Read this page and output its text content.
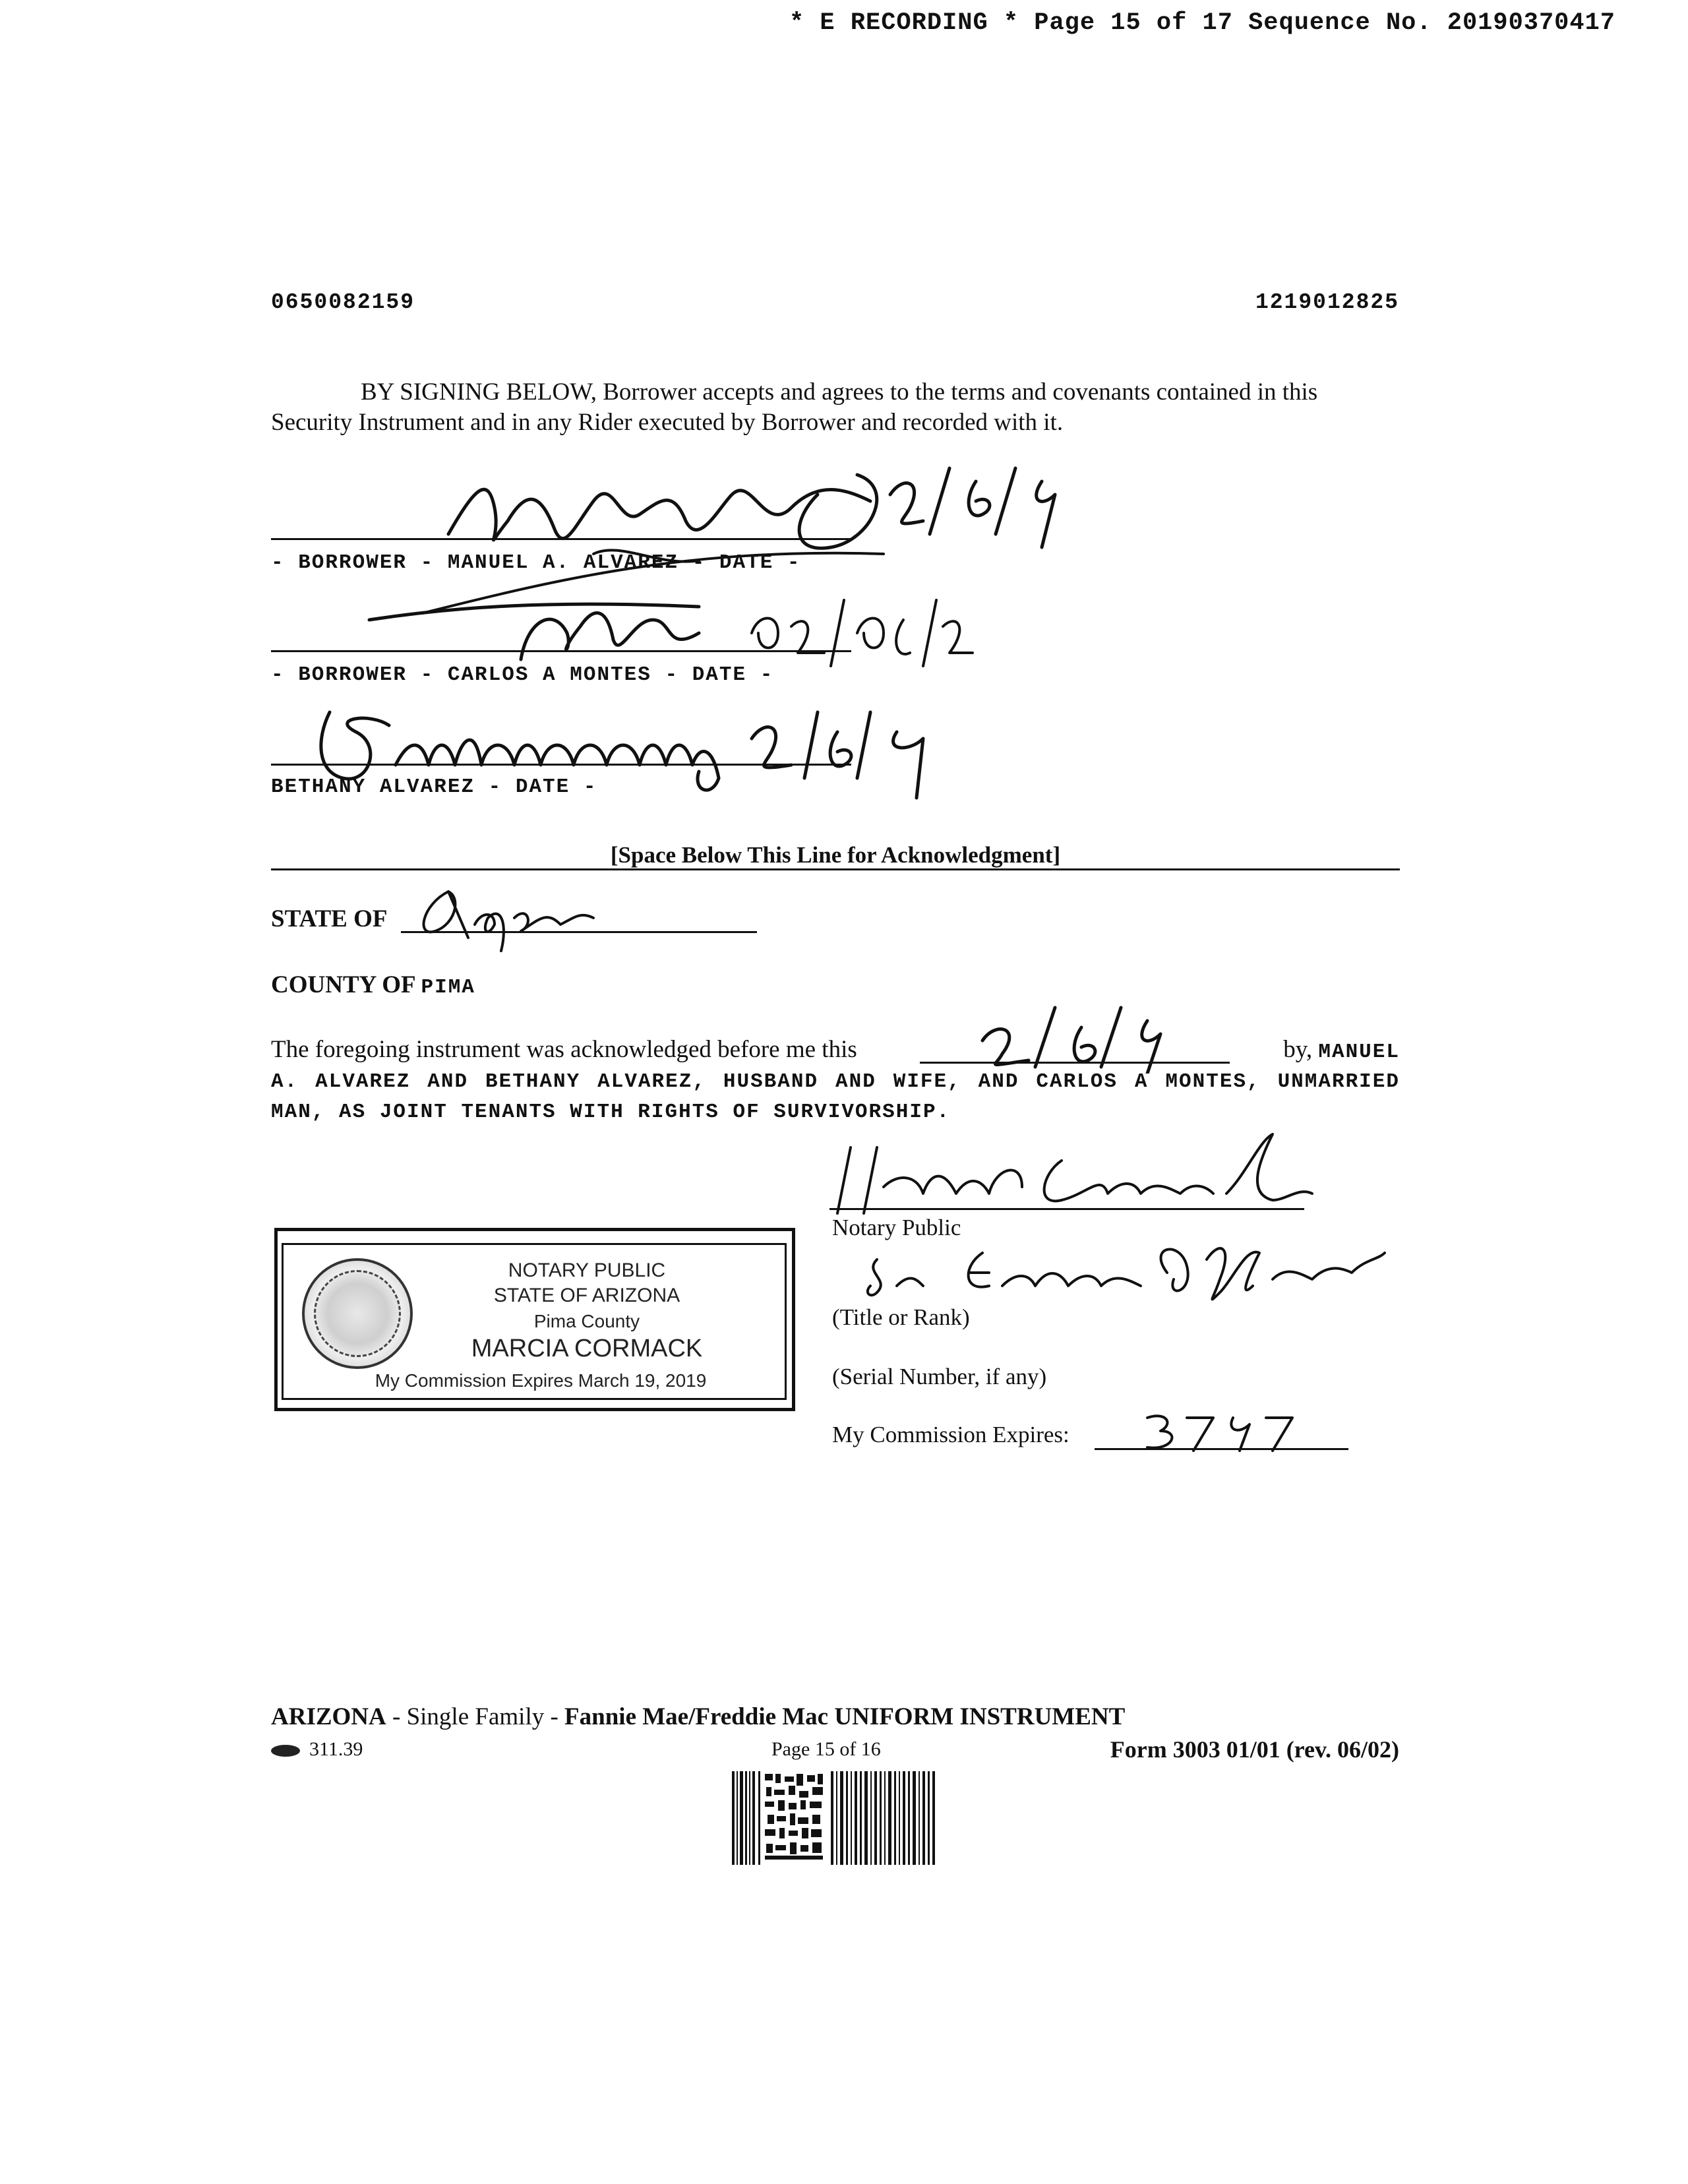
* E RECORDING * Page 15 of 17 Sequence No. 20190370417
0650082159	1219012825
BY SIGNING BELOW, Borrower accepts and agrees to the terms and covenants contained in this Security Instrument and in any Rider executed by Borrower and recorded with it.
- BORROWER - MANUEL A. ALVAREZ - DATE -
- BORROWER - CARLOS A MONTES - DATE -
BETHANY ALVAREZ - DATE -
[Space Below This Line for Acknowledgment]
STATE OF
COUNTY OF PIMA
The foregoing instrument was acknowledged before me this	by, MANUEL
A. ALVAREZ AND BETHANY ALVAREZ, HUSBAND AND WIFE, AND CARLOS A MONTES, UNMARRIED MAN, AS JOINT TENANTS WITH RIGHTS OF SURVIVORSHIP.
Notary Public
(Title or Rank)
(Serial Number, if any)
My Commission Expires:
NOTARY PUBLIC
STATE OF ARIZONA
Pima County
MARCIA CORMACK
My Commission Expires March 19, 2019
ARIZONA - Single Family - Fannie Mae/Freddie Mac UNIFORM INSTRUMENT
311.39	Page 15 of 16	Form 3003 01/01 (rev. 06/02)
